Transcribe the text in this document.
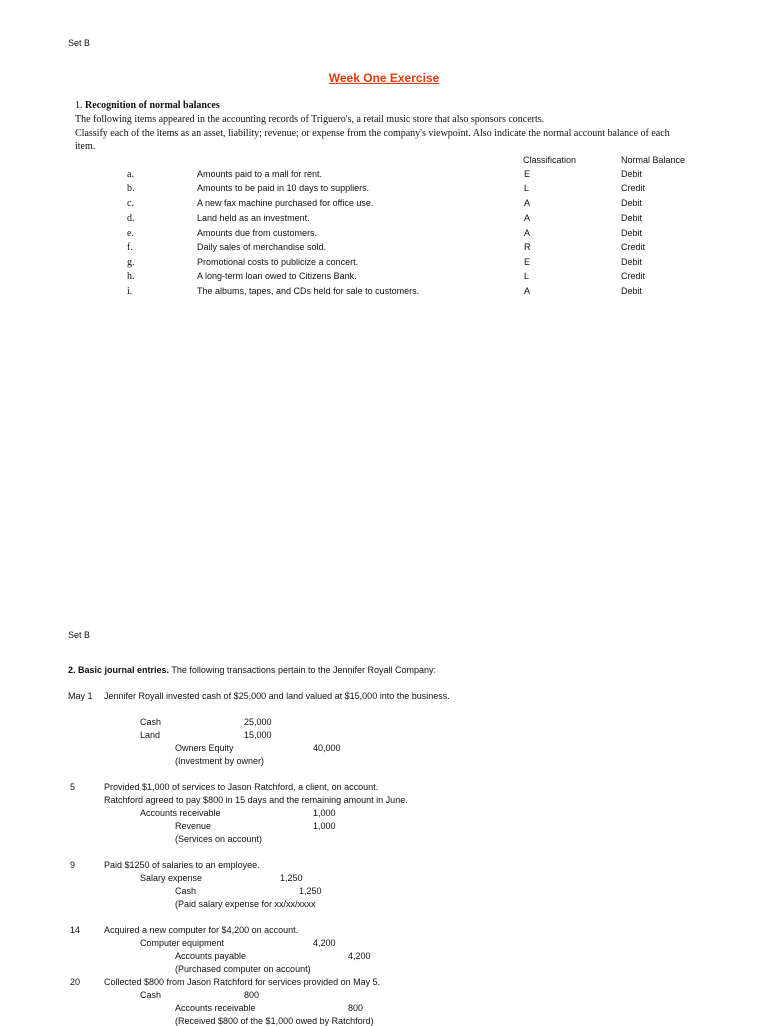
Set B
Week One Exercise
1. Recognition of normal balances
The following items appeared in the accounting records of Triguero's, a retail music store that also sponsors concerts.
Classify each of the items as an asset, liability; revenue; or expense from the company's viewpoint. Also indicate the normal account balance of each
item.
Classification	Normal Balance
a.	Amounts paid to a mall for rent.	E	Debit
b.	Amounts to be paid in 10 days to suppliers.	L	Credit
c.	A new fax machine purchased for office use.	A	Debit
d.	Land held as an investment.	A	Debit
e.	Amounts due from customers.	A	Debit
f.	Daily sales of merchandise sold.	R	Credit
g.	Promotional costs to publicize a concert.	E	Debit
h.	A long-term loan owed to Citizens Bank.	L	Credit
i.	The albums, tapes, and CDs held for sale to customers.	A	Debit
Set B
2. Basic journal entries. The following transactions pertain to the Jennifer Royall Company:
May 1 Jennifer Royall invested cash of $25,000 and land valued at $15,000 into the business.
Cash	25,000
Land	15,000
Owners Equity	40,000
(Investment by owner)
5	Provided $1,000 of services to Jason Ratchford, a client, on account.
Ratchford agreed to pay $800 in 15 days and the remaining amount in June.
Accounts receivable	1,000
Revenue	1,000
(Services on account)
9	Paid $1250 of salaries to an employee.
Salary expense	1,250
Cash	1,250
(Paid salary expense for xx/xx/xxxx
14	Acquired a new computer for $4,200 on account.
Computer equipment	4,200
Accounts payable	4,200
(Purchased computer on account)
20	Collected $800 from Jason Ratchford for services provided on May 5.
Cash	800
Accounts receivable	800
(Received $800 of the $1,000 owed by Ratchford)
